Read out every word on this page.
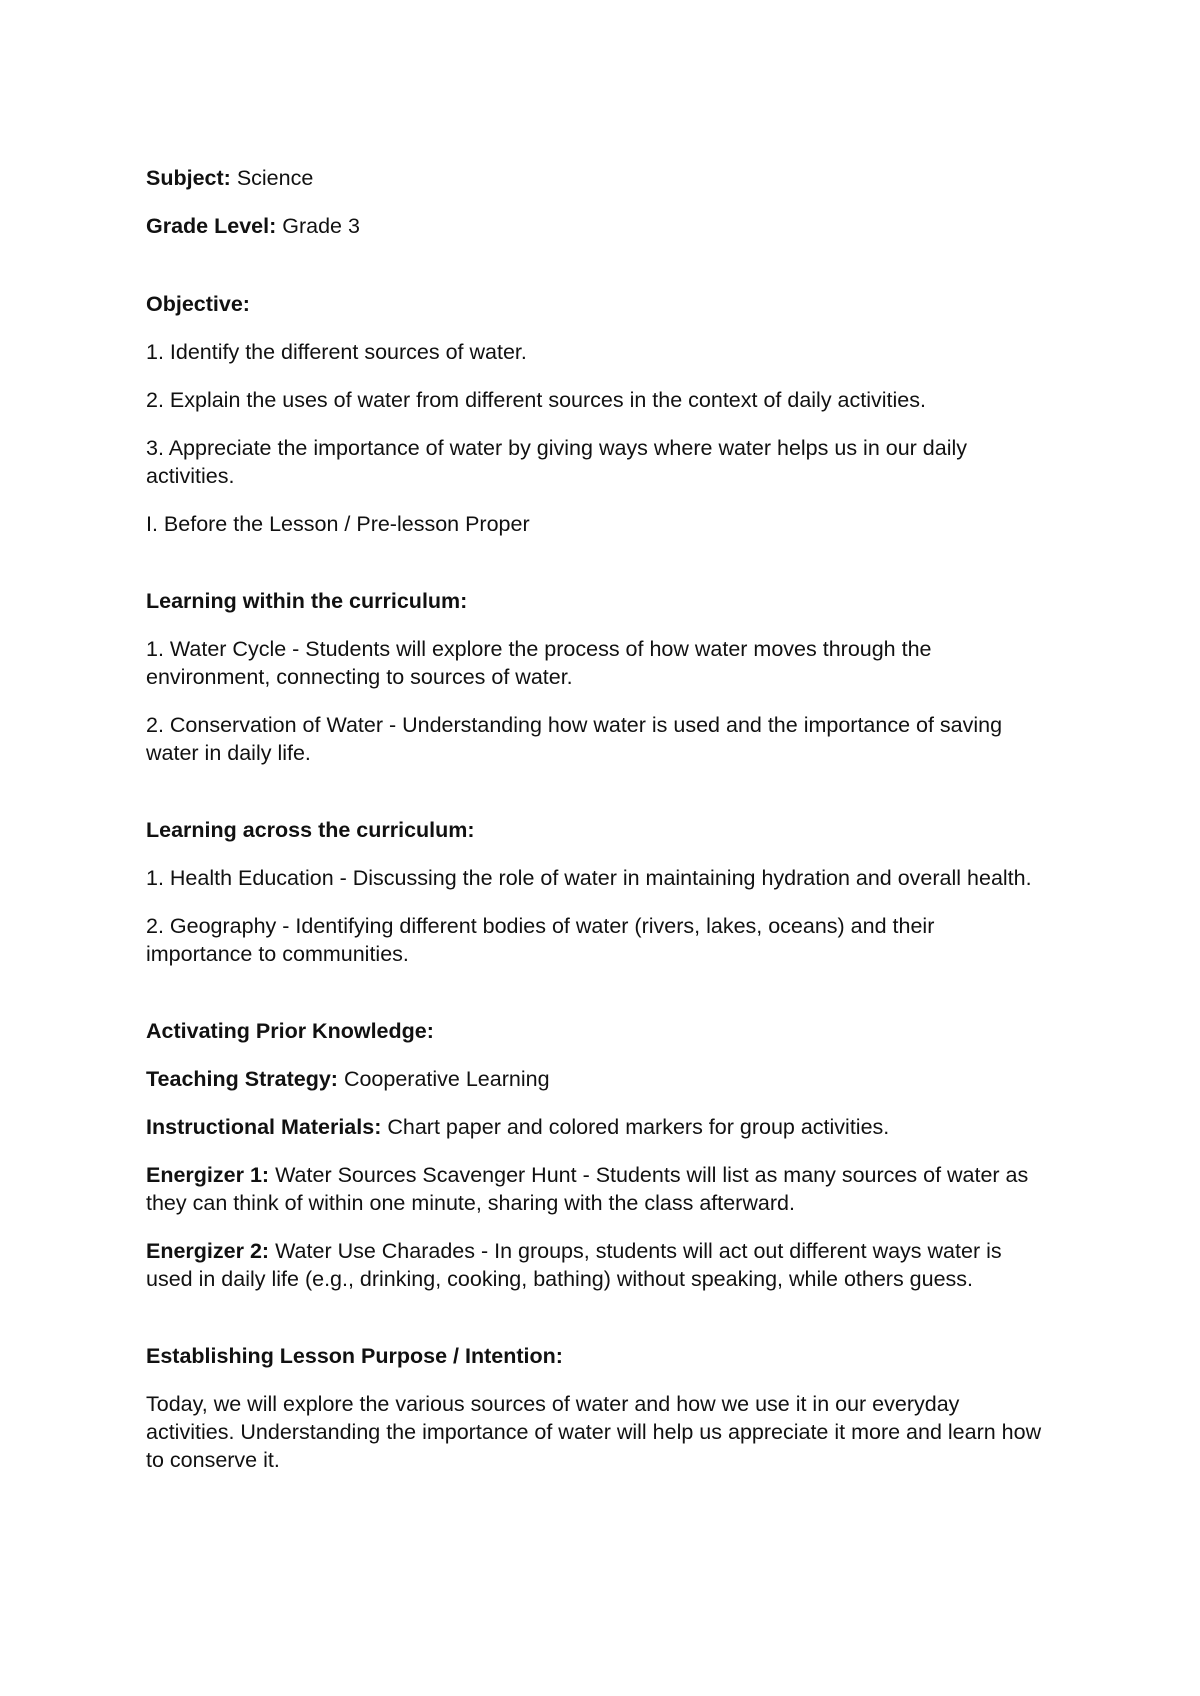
Subject: Science

Grade Level: Grade 3

Objective:

1. Identify the different sources of water.

2. Explain the uses of water from different sources in the context of daily activities.

3. Appreciate the importance of water by giving ways where water helps us in our daily activities.

I. Before the Lesson / Pre-lesson Proper

Learning within the curriculum:

1. Water Cycle - Students will explore the process of how water moves through the environment, connecting to sources of water.

2. Conservation of Water - Understanding how water is used and the importance of saving water in daily life.

Learning across the curriculum:

1. Health Education - Discussing the role of water in maintaining hydration and overall health.

2. Geography - Identifying different bodies of water (rivers, lakes, oceans) and their importance to communities.

Activating Prior Knowledge:

Teaching Strategy: Cooperative Learning

Instructional Materials: Chart paper and colored markers for group activities.

Energizer 1: Water Sources Scavenger Hunt - Students will list as many sources of water as they can think of within one minute, sharing with the class afterward.

Energizer 2: Water Use Charades - In groups, students will act out different ways water is used in daily life (e.g., drinking, cooking, bathing) without speaking, while others guess.

Establishing Lesson Purpose / Intention:

Today, we will explore the various sources of water and how we use it in our everyday activities. Understanding the importance of water will help us appreciate it more and learn how to conserve it.
